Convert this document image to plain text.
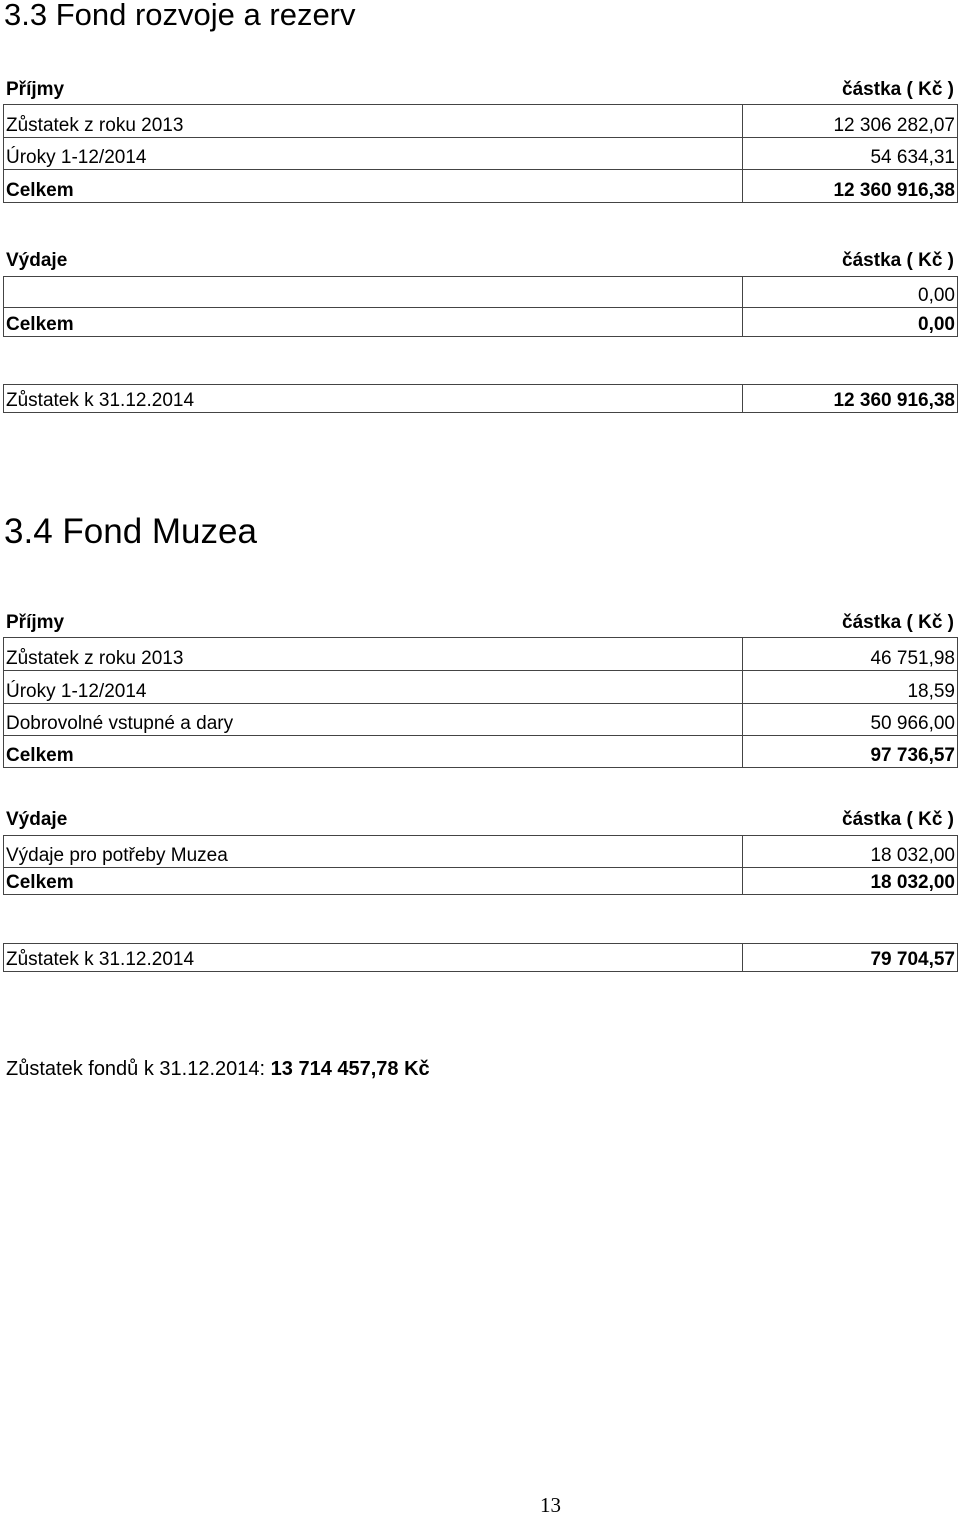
3.3 Fond rozvoje a rezerv
Příjmy	částka ( Kč )
Zůstatek z roku 2013	12 306 282,07
Úroky 1-12/2014	54 634,31
Celkem	12 360 916,38
Výdaje	částka ( Kč )
	0,00
Celkem	0,00
Zůstatek k 31.12.2014	12 360 916,38
3.4 Fond Muzea
Příjmy	částka ( Kč )
Zůstatek z roku 2013	46 751,98
Úroky 1-12/2014	18,59
Dobrovolné vstupné a dary	50 966,00
Celkem	97 736,57
Výdaje	částka ( Kč )
Výdaje pro potřeby Muzea	18 032,00
Celkem	18 032,00
Zůstatek k 31.12.2014	79 704,57
Zůstatek fondů k 31.12.2014: 13 714 457,78 Kč
13
